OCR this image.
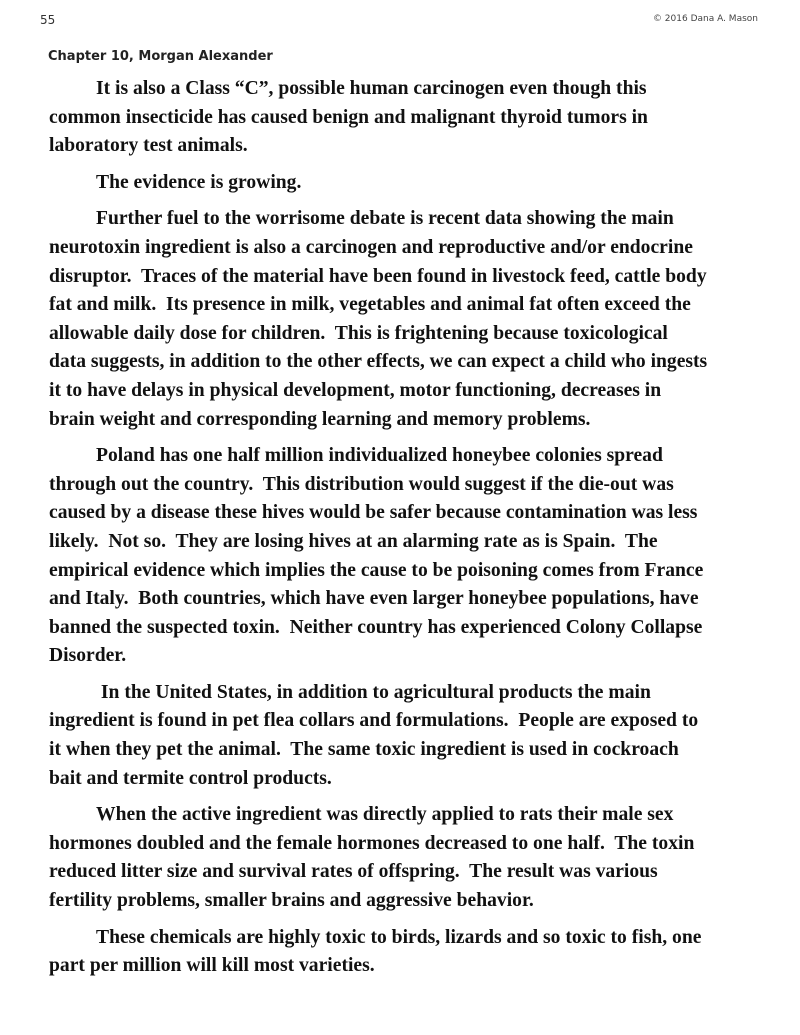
55	© 2016 Dana A. Mason
Chapter 10, Morgan Alexander

It is also a Class “C”, possible human carcinogen even though this
common insecticide has caused benign and malignant thyroid tumors in
laboratory test animals.

The evidence is growing.

Further fuel to the worrisome debate is recent data showing the main
neurotoxin ingredient is also a carcinogen and reproductive and/or endocrine
disruptor.  Traces of the material have been found in livestock feed, cattle body
fat and milk.  Its presence in milk, vegetables and animal fat often exceed the
allowable daily dose for children.  This is frightening because toxicological
data suggests, in addition to the other effects, we can expect a child who ingests
it to have delays in physical development, motor functioning, decreases in
brain weight and corresponding learning and memory problems.

Poland has one half million individualized honeybee colonies spread
through out the country.  This distribution would suggest if the die-out was
caused by a disease these hives would be safer because contamination was less
likely.  Not so.  They are losing hives at an alarming rate as is Spain.  The
empirical evidence which implies the cause to be poisoning comes from France
and Italy.  Both countries, which have even larger honeybee populations, have
banned the suspected toxin.  Neither country has experienced Colony Collapse
Disorder.

In the United States, in addition to agricultural products the main
ingredient is found in pet flea collars and formulations.  People are exposed to
it when they pet the animal.  The same toxic ingredient is used in cockroach
bait and termite control products.

When the active ingredient was directly applied to rats their male sex
hormones doubled and the female hormones decreased to one half.  The toxin
reduced litter size and survival rates of offspring.  The result was various
fertility problems, smaller brains and aggressive behavior.

These chemicals are highly toxic to birds, lizards and so toxic to fish, one
part per million will kill most varieties.
